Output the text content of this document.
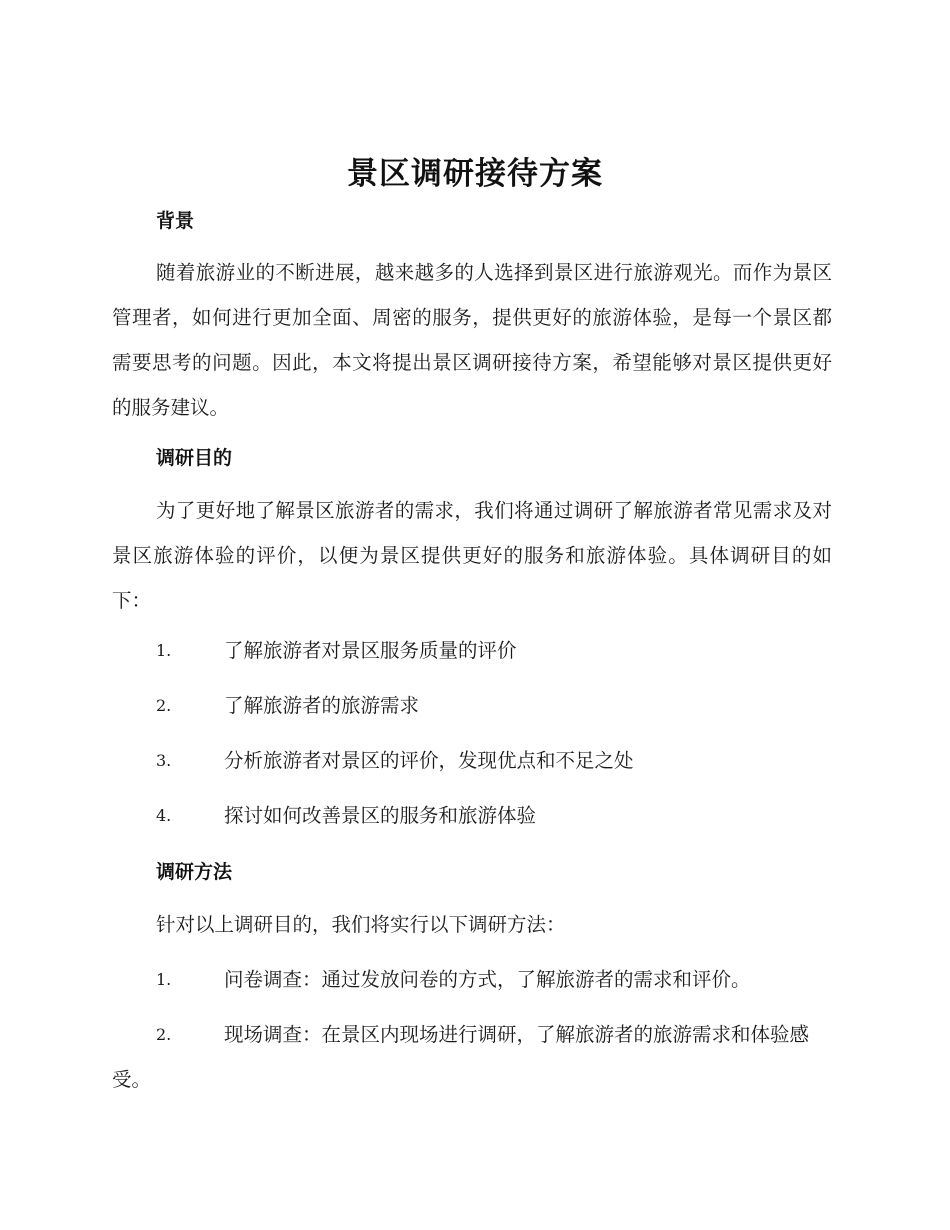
景区调研接待方案
背景
随着旅游业的不断进展，越来越多的人选择到景区进行旅游观光。而作为景区管理者，如何进行更加全面、周密的服务，提供更好的旅游体验，是每一个景区都需要思考的问题。因此，本文将提出景区调研接待方案，希望能够对景区提供更好的服务建议。
调研目的
为了更好地了解景区旅游者的需求，我们将通过调研了解旅游者常见需求及对景区旅游体验的评价，以便为景区提供更好的服务和旅游体验。具体调研目的如下：
1.	了解旅游者对景区服务质量的评价
2.	了解旅游者的旅游需求
3.	分析旅游者对景区的评价，发现优点和不足之处
4.	探讨如何改善景区的服务和旅游体验
调研方法
针对以上调研目的，我们将实行以下调研方法：
1.	问卷调查：通过发放问卷的方式，了解旅游者的需求和评价。
2.	现场调查：在景区内现场进行调研，了解旅游者的旅游需求和体验感受。
